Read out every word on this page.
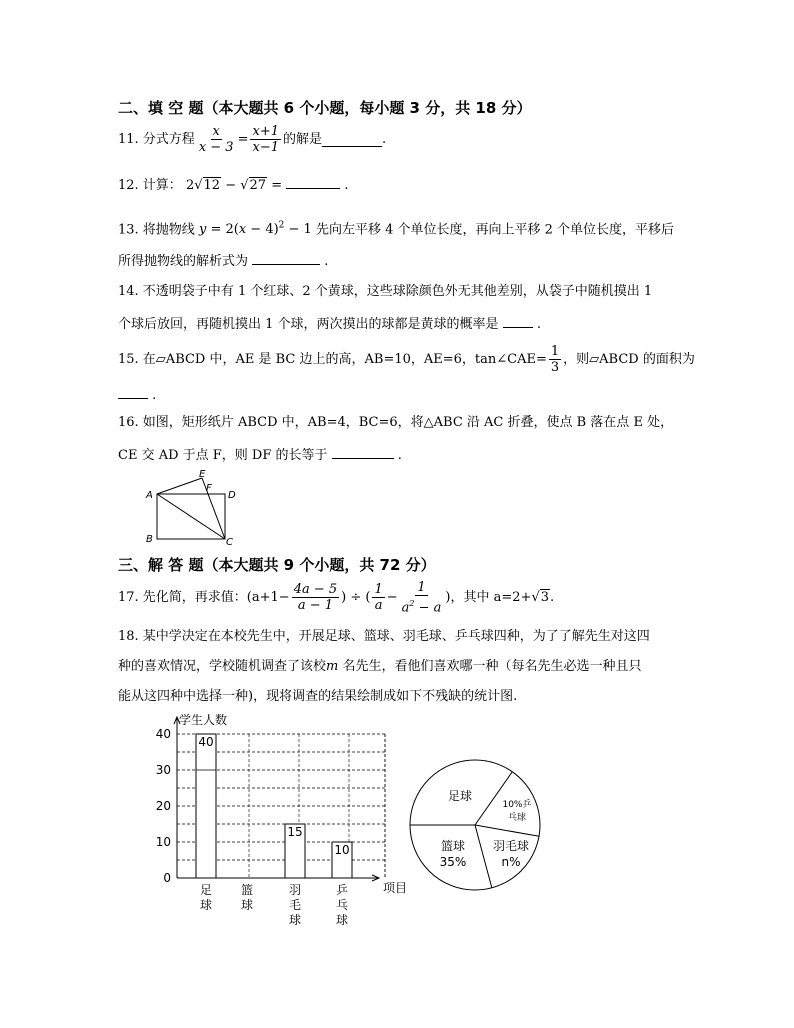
二、填 空 题（本大题共 6 个小题，每小题 3 分，共 18 分）
11. 分式方程 $\frac{x}{x - 3} = \frac{x+1}{x-1}$ 的解是	.
12. 计算： 2√12 − √27 =	.
13. 将抛物线 $y = 2(x - 4)^2 - 1$ 先向左平移 4 个单位长度，再向上平移 2 个单位长度，平移后
所得抛物线的解析式为	.
14. 不透明袋子中有 1 个红球、2 个黄球，这些球除颜色外无其他差别，从袋子中随机摸出 1
个球后放回，再随机摸出 1 个球，两次摸出的球都是黄球的概率是	.
15. 在▱ABCD 中，AE 是 BC 边上的高，AB=10，AE=6，tan∠CAE= $\frac{1}{3}$ ，则▱ABCD 的面积为
.
16. 如图，矩形纸片 ABCD 中，AB=4，BC=6，将△ABC 沿 AC 折叠，使点 B 落在点 E 处，
CE 交 AD 于点 F，则 DF 的长等于	.
A
B	C
D
E
F
三、解 答 题（本大题共 9 个小题，共 72 分）
17. 先化简，再求值：($a+1- \frac{4a - 5}{a - 1}$ ) ÷ ( $\frac{1}{a} - \frac{1}{a^2 - a}$ )，其中 a=2+ √3 .
18. 某中学决定在本校先生中，开展足球、篮球、羽毛球、乒乓球四种，为了了解先生对这四
种的喜欢情况，学校随机调查了该校m 名先生，看他们喜欢哪一种（每名先生必选一种且只
能从这四种中选择一种)，现将调查的结果绘制成如下不残缺的统计图.
学生人数
项目
0
10
20
30
40
40
足
球
篮
球
15
羽
毛
球
10
乒
乓
球
足球
10%乒
乓球
羽毛球
n%
篮球
35%
